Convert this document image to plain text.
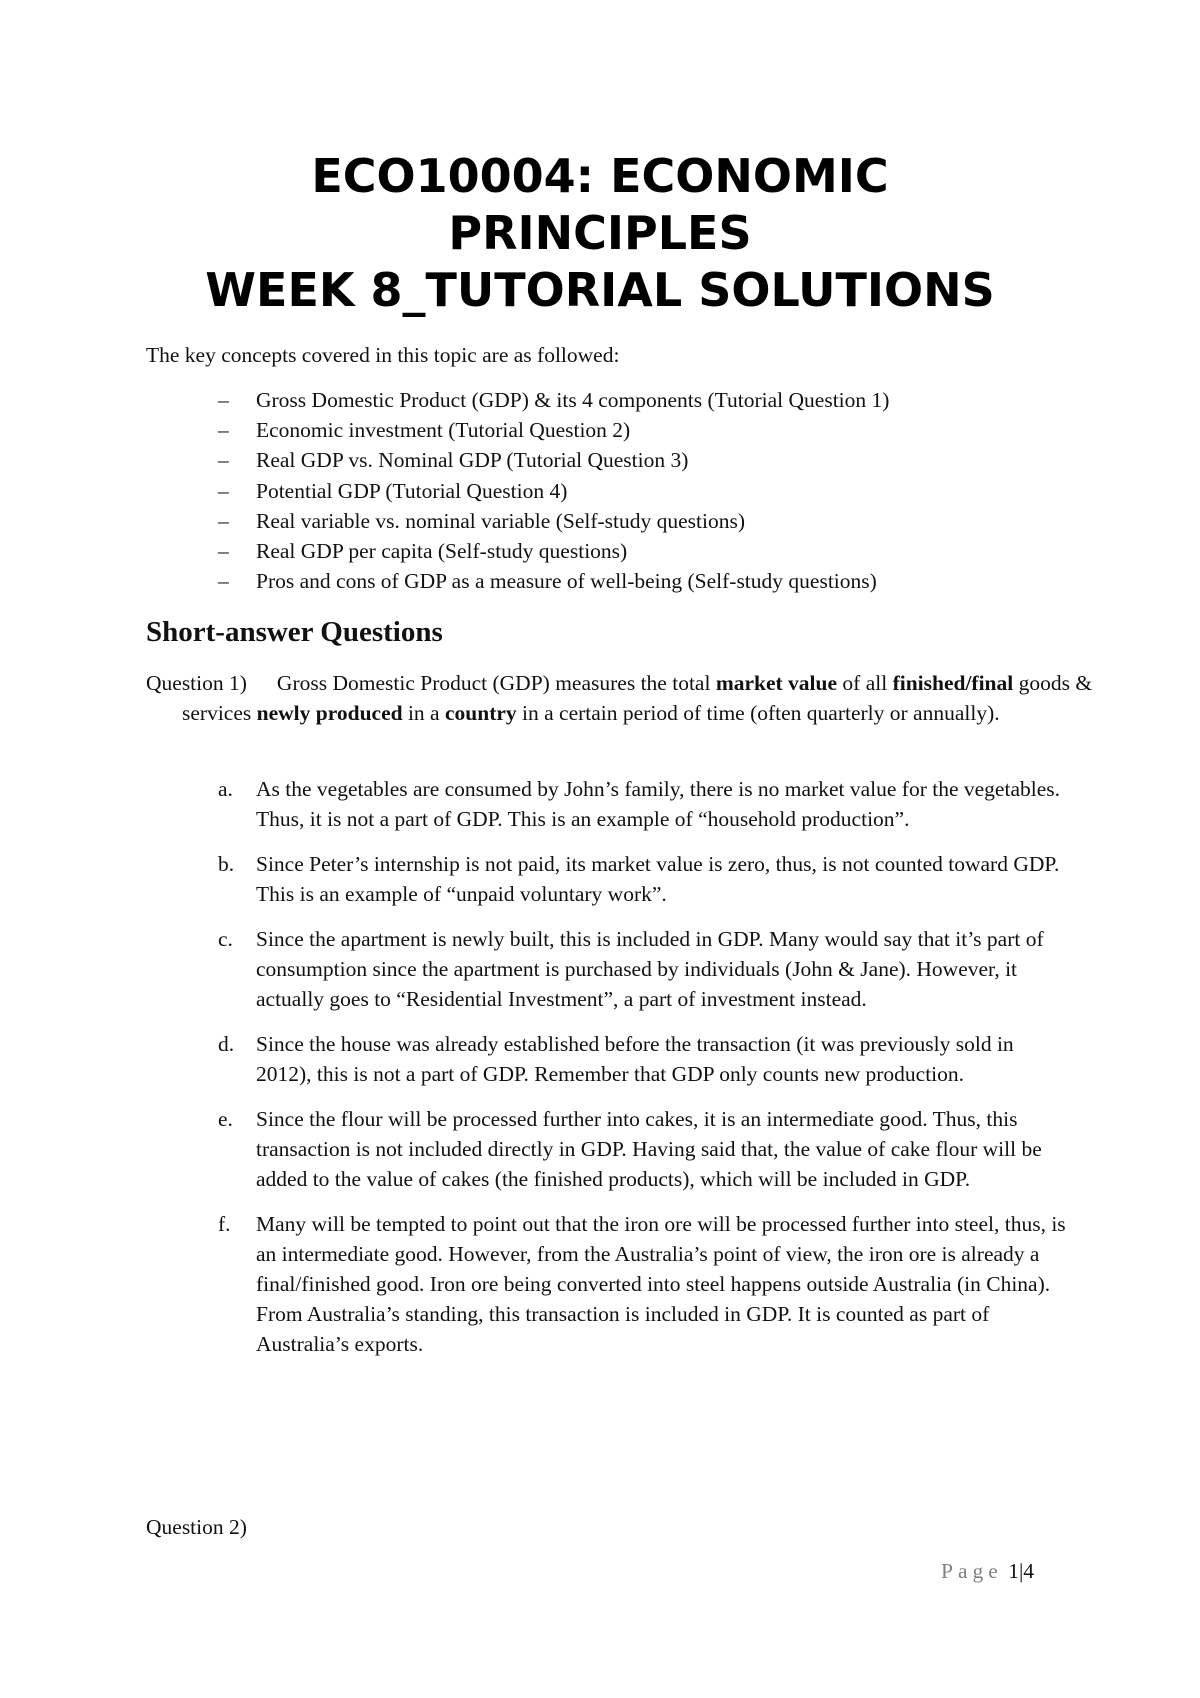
ECO10004: ECONOMIC
PRINCIPLES
WEEK 8_TUTORIAL SOLUTIONS
The key concepts covered in this topic are as followed:
– Gross Domestic Product (GDP) & its 4 components (Tutorial Question 1)
– Economic investment (Tutorial Question 2)
– Real GDP vs. Nominal GDP (Tutorial Question 3)
– Potential GDP (Tutorial Question 4)
– Real variable vs. nominal variable (Self-study questions)
– Real GDP per capita (Self-study questions)
– Pros and cons of GDP as a measure of well-being (Self-study questions)
Short-answer Questions
Question 1) Gross Domestic Product (GDP) measures the total market value of all finished/final goods & services newly produced in a country in a certain period of time (often quarterly or annually).
a. As the vegetables are consumed by John’s family, there is no market value for the vegetables. Thus, it is not a part of GDP. This is an example of “household production”.
b. Since Peter’s internship is not paid, its market value is zero, thus, is not counted toward GDP. This is an example of “unpaid voluntary work”.
c. Since the apartment is newly built, this is included in GDP. Many would say that it’s part of consumption since the apartment is purchased by individuals (John & Jane). However, it actually goes to “Residential Investment”, a part of investment instead.
d. Since the house was already established before the transaction (it was previously sold in 2012), this is not a part of GDP. Remember that GDP only counts new production.
e. Since the flour will be processed further into cakes, it is an intermediate good. Thus, this transaction is not included directly in GDP. Having said that, the value of cake flour will be added to the value of cakes (the finished products), which will be included in GDP.
f. Many will be tempted to point out that the iron ore will be processed further into steel, thus, is an intermediate good. However, from the Australia’s point of view, the iron ore is already a final/finished good. Iron ore being converted into steel happens outside Australia (in China). From Australia’s standing, this transaction is included in GDP. It is counted as part of Australia’s exports.
Question 2)
Page 1|4
